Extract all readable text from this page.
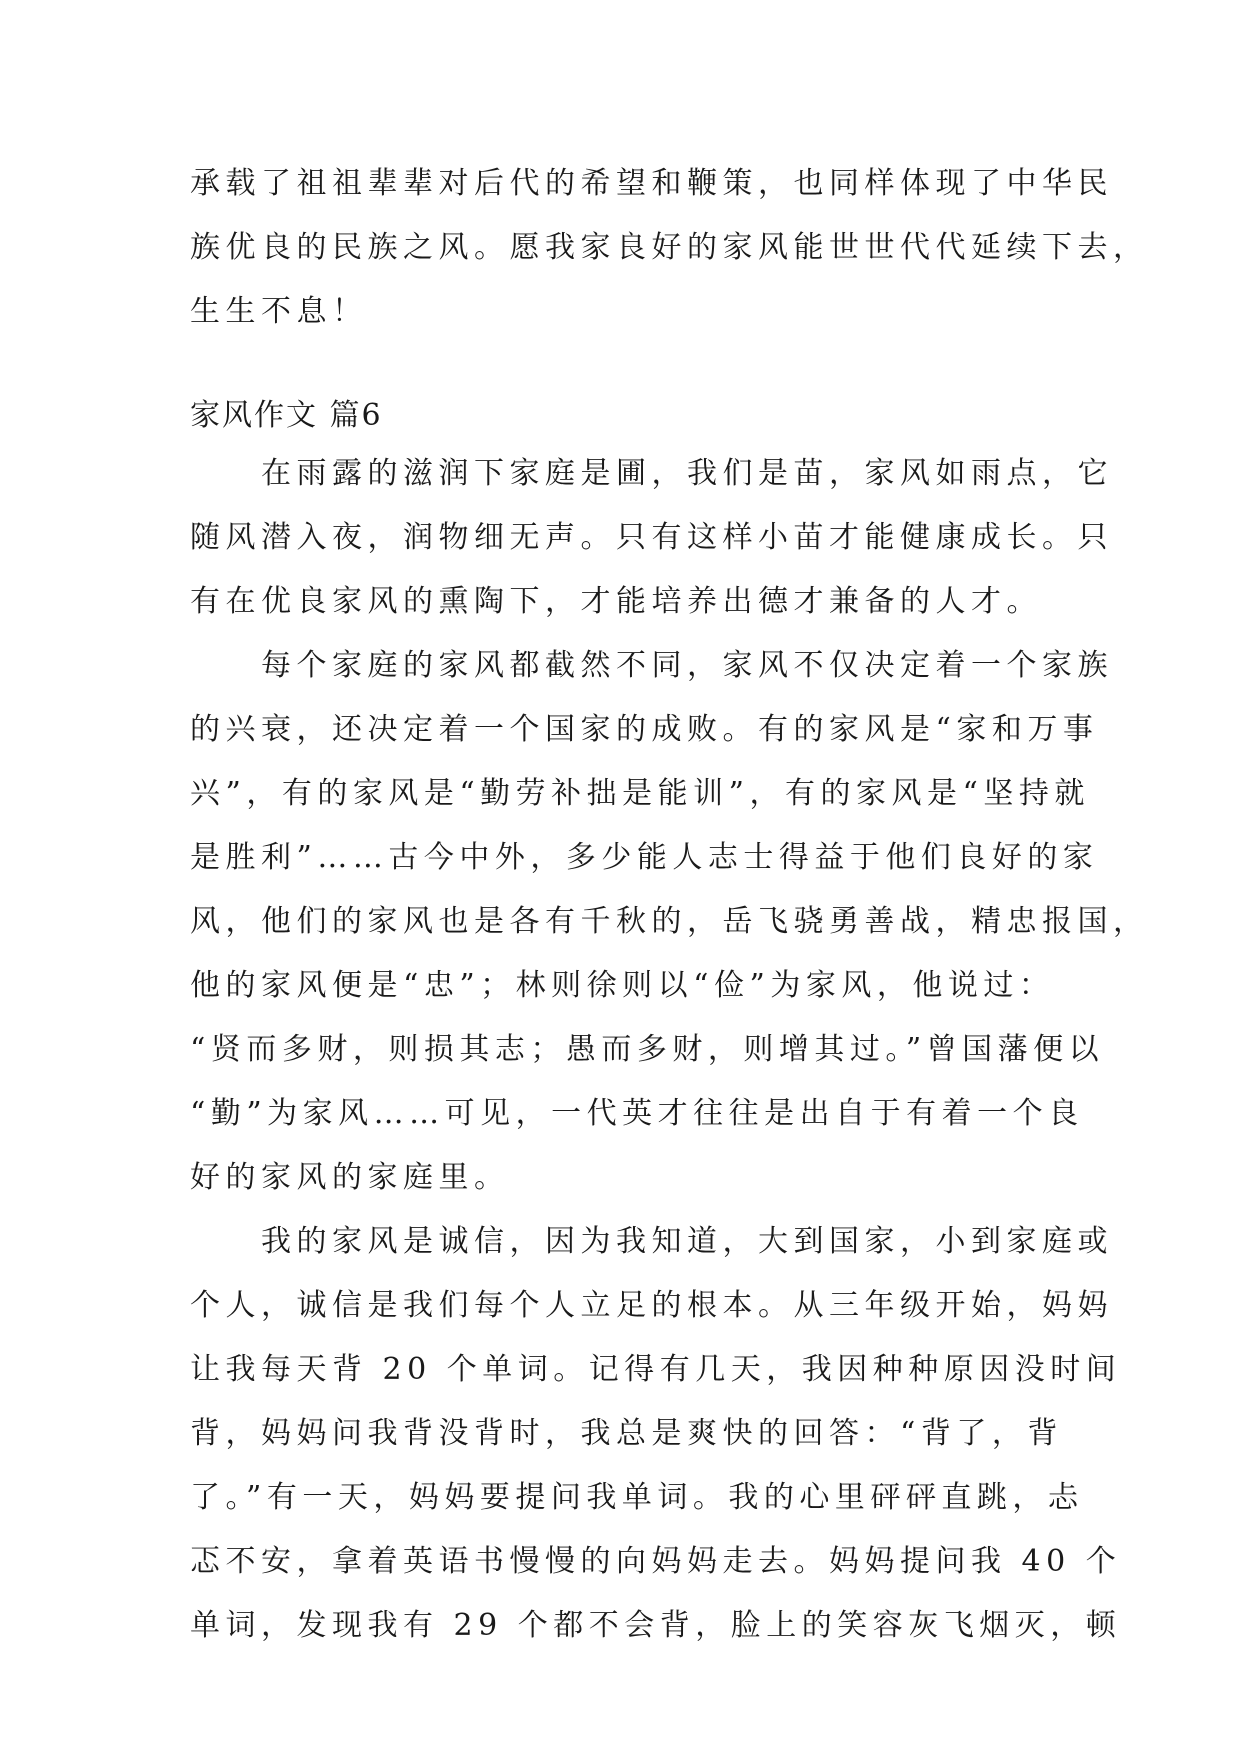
承载了祖祖辈辈对后代的希望和鞭策，也同样体现了中华民
族优良的民族之风。愿我家良好的家风能世世代代延续下去，
生生不息！
家风作文 篇6
　　在雨露的滋润下家庭是圃，我们是苗，家风如雨点，它
随风潜入夜，润物细无声。只有这样小苗才能健康成长。只
有在优良家风的熏陶下，才能培养出德才兼备的人才。
　　每个家庭的家风都截然不同，家风不仅决定着一个家族
的兴衰，还决定着一个国家的成败。有的家风是“家和万事
兴”，有的家风是“勤劳补拙是能训”，有的家风是“坚持就
是胜利”……古今中外，多少能人志士得益于他们良好的家
风，他们的家风也是各有千秋的，岳飞骁勇善战，精忠报国，
他的家风便是“忠”；林则徐则以“俭”为家风，他说过：
“贤而多财，则损其志；愚而多财，则增其过。”曾国藩便以
“勤”为家风……可见，一代英才往往是出自于有着一个良
好的家风的家庭里。
　　我的家风是诚信，因为我知道，大到国家，小到家庭或
个人，诚信是我们每个人立足的根本。从三年级开始，妈妈
让我每天背 20 个单词。记得有几天，我因种种原因没时间
背，妈妈问我背没背时，我总是爽快的回答：“背了，背
了。”有一天，妈妈要提问我单词。我的心里砰砰直跳，忐
忑不安，拿着英语书慢慢的向妈妈走去。妈妈提问我 40 个
单词，发现我有 29 个都不会背，脸上的笑容灰飞烟灭，顿
